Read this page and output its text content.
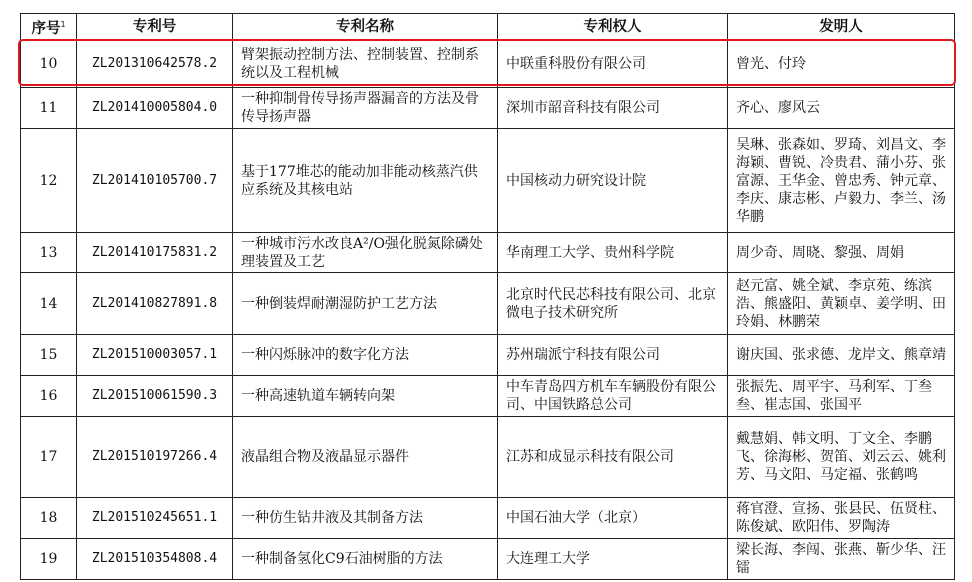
序号$^1$	专利号	专利名称	专利权人	发明人
10	ZL201310642578.2	臂架振动控制方法、控制装置、控制系统以及工程机械	中联重科股份有限公司	曾光、付玲
11	ZL201410005804.0	一种抑制骨传导扬声器漏音的方法及骨传导扬声器	深圳市韶音科技有限公司	齐心、廖风云
12	ZL201410105700.7	基于177堆芯的能动加非能动核蒸汽供应系统及其核电站	中国核动力研究设计院	吴琳、张森如、罗琦、刘昌文、李海颖、曹锐、冷贵君、蒲小芬、张富源、王华金、曾忠秀、钟元章、李庆、康志彬、卢毅力、李兰、汤华鹏
13	ZL201410175831.2	一种城市污水改良A²/O强化脱氮除磷处理装置及工艺	华南理工大学、贵州科学院	周少奇、周晓、黎强、周娟
14	ZL201410827891.8	一种倒装焊耐潮湿防护工艺方法	北京时代民芯科技有限公司、北京微电子技术研究所	赵元富、姚全斌、李京苑、练滨浩、熊盛阳、黄颖卓、姜学明、田玲娟、林鹏荣
15	ZL201510003057.1	一种闪烁脉冲的数字化方法	苏州瑞派宁科技有限公司	谢庆国、张求德、龙岸文、熊章靖
16	ZL201510061590.3	一种高速轨道车辆转向架	中车青岛四方机车车辆股份有限公司、中国铁路总公司	张振先、周平宇、马利军、丁叁叁、崔志国、张国平
17	ZL201510197266.4	液晶组合物及液晶显示器件	江苏和成显示科技有限公司	戴慧娟、韩文明、丁文全、李鹏飞、徐海彬、贺笛、刘云云、姚利芳、马文阳、马定福、张鹤鸣
18	ZL201510245651.1	一种仿生钻井液及其制备方法	中国石油大学（北京）	蒋官澄、宣扬、张县民、伍贤柱、陈俊斌、欧阳伟、罗陶涛
19	ZL201510354808.4	一种制备氢化C9石油树脂的方法	大连理工大学	梁长海、李闯、张燕、靳少华、汪镭
